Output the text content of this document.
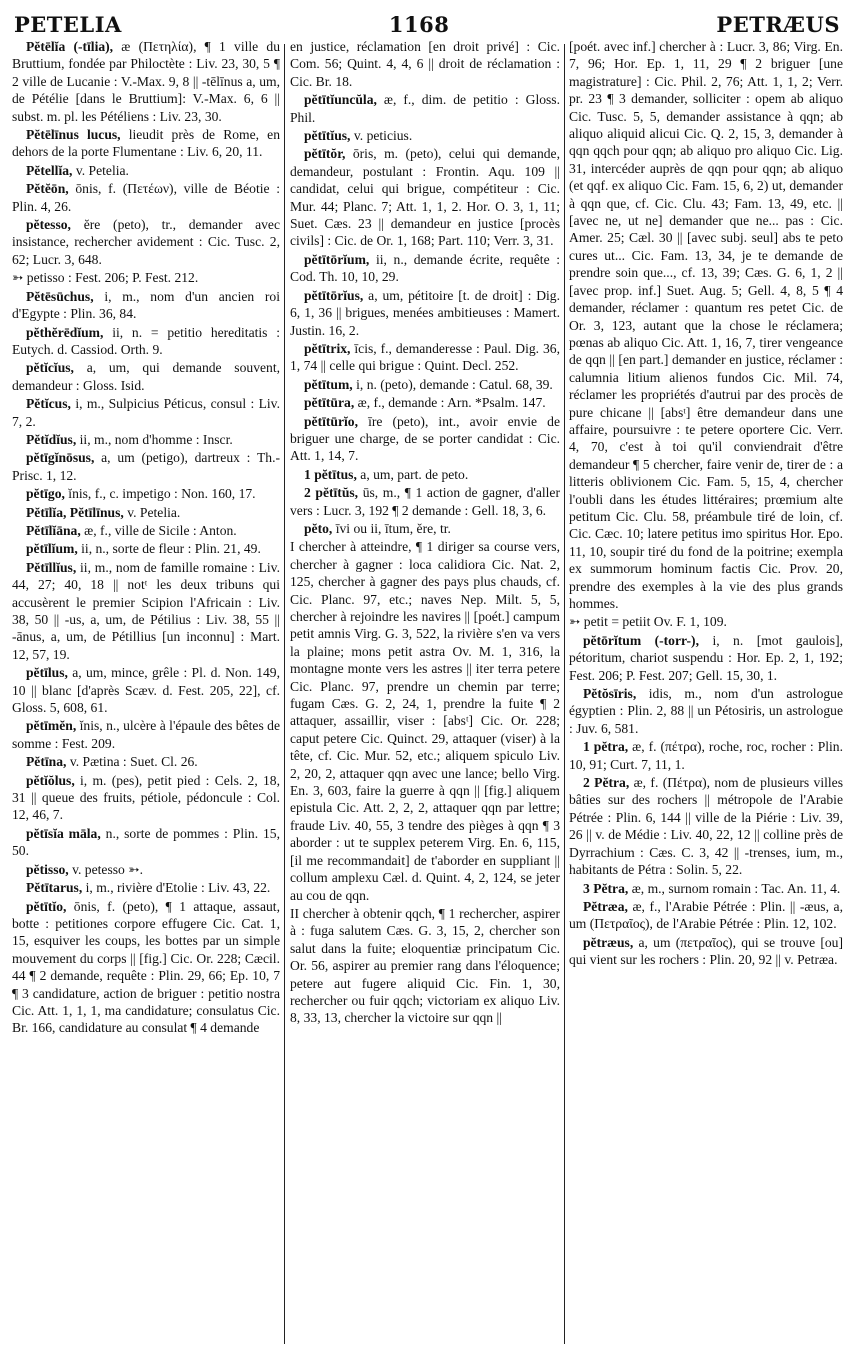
PETELIA	1168	PETRÆUS

Pĕtēlĭa (-tīlia), æ (Πετηλία), ¶ 1 ville du Bruttium, fondée par Philoctète : Liv. 23, 30, 5 ¶ 2 ville de Lucanie : V.-Max. 9, 8 || -tēlīnus a, um, de Pétélie [dans le Bruttium]: V.-Max. 6, 6 || subst. m. pl. les Pétéliens : Liv. 23, 30.

Pĕtēlīnus lucus, lieudit près de Rome, en dehors de la porte Flumentane : Liv. 6, 20, 11.

Pĕtellĭa, v. Petelia.

Pĕtĕōn, ōnis, f. (Πετέων), ville de Béotie : Plin. 4, 26.

pĕtesso, ĕre (peto), tr., demander avec insistance, rechercher avidement : Cic. Tusc. 2, 62; Lucr. 3, 648.

➳ petisso : Fest. 206; P. Fest. 212.

Pĕtēsūchus, i, m., nom d'un ancien roi d'Egypte : Plin. 36, 84.

pĕthĕrēdĭum, ii, n. = petitio hereditatis : Eutych. d. Cassiod. Orth. 9.

pĕtĭcĭus, a, um, qui demande souvent, demandeur : Gloss. Isid.

Pĕtĭcus, i, m., Sulpicius Péticus, consul : Liv. 7, 2.

Pĕtĭdĭus, ii, m., nom d'homme : Inscr.

pĕtīgĭnōsus, a, um (petigo), dartreux : Th.-Prisc. 1, 12.

pĕtīgo, ĭnis, f., c. impetigo : Non. 160, 17.

Pĕtīlĭa, Pĕtīlīnus, v. Petelia.

Pĕtīlĭāna, æ, f., ville de Sicile : Anton.

pĕtīlĭum, ii, n., sorte de fleur : Plin. 21, 49.

Pĕtīllĭus, ii, m., nom de famille romaine : Liv. 44, 27; 40, 18 || notᵗ les deux tribuns qui accusèrent le premier Scipion l'Africain : Liv. 38, 50 || -us, a, um, de Pétilius : Liv. 38, 55 || -ānus, a, um, de Pétillius [un inconnu] : Mart. 12, 57, 19.

pĕtīlus, a, um, mince, grêle : Pl. d. Non. 149, 10 || blanc [d'après Scæv. d. Fest. 205, 22], cf. Gloss. 5, 608, 61.

pĕtīmĕn, ĭnis, n., ulcère à l'épaule des bêtes de somme : Fest. 209.

Pĕtīna, v. Pætina : Suet. Cl. 26.

pĕtĭŏlus, i, m. (pes), petit pied : Cels. 2, 18, 31 || queue des fruits, pétiole, pédoncule : Col. 12, 46, 7.

pĕtīsĭa māla, n., sorte de pommes : Plin. 15, 50.

pĕtisso, v. petesso ➳.

Pĕtītarus, i, m., rivière d'Etolie : Liv. 43, 22.

pĕtītĭo, ōnis, f. (peto), ¶ 1 attaque, assaut, botte : petitiones corpore effugere Cic. Cat. 1, 15, esquiver les coups, les bottes par un simple mouvement du corps || [fig.] Cic. Or. 228; Cæcil. 44 ¶ 2 demande, requête : Plin. 29, 66; Ep. 10, 7 ¶ 3 candidature, action de briguer : petitio nostra Cic. Att. 1, 1, 1, ma candidature; consulatus Cic. Br. 166, candidature au consulat ¶ 4 demande

en justice, réclamation [en droit privé] : Cic. Com. 56; Quint. 4, 4, 6 || droit de réclamation : Cic. Br. 18.

pĕtītĭuncŭla, æ, f., dim. de petitio : Gloss. Phil.

pĕtītĭus, v. peticius.

pĕtītŏr, ōris, m. (peto), celui qui demande, demandeur, postulant : Frontin. Aqu. 109 || candidat, celui qui brigue, compétiteur : Cic. Mur. 44; Planc. 7; Att. 1, 1, 2. Hor. O. 3, 1, 11; Suet. Cæs. 23 || demandeur en justice [procès civils] : Cic. de Or. 1, 168; Part. 110; Verr. 3, 31.

pĕtītōrĭum, ii, n., demande écrite, requête : Cod. Th. 10, 10, 29.

pĕtītōrĭus, a, um, pétitoire [t. de droit] : Dig. 6, 1, 36 || brigues, menées ambitieuses : Mamert. Justin. 16, 2.

pĕtītrix, īcis, f., demanderesse : Paul. Dig. 36, 1, 74 || celle qui brigue : Quint. Decl. 252.

pĕtītum, i, n. (peto), demande : Catul. 68, 39.

pĕtītūra, æ, f., demande : Arn. *Psalm. 147.

pĕtītūrĭo, īre (peto), int., avoir envie de briguer une charge, de se porter candidat : Cic. Att. 1, 14, 7.

1 pĕtītus, a, um, part. de peto.

2 pĕtītŭs, ūs, m., ¶ 1 action de gagner, d'aller vers : Lucr. 3, 192 ¶ 2 demande : Gell. 18, 3, 6.

pĕto, īvi ou ii, ītum, ĕre, tr.

I chercher à atteindre, ¶ 1 diriger sa course vers, chercher à gagner : loca calidiora Cic. Nat. 2, 125, chercher à gagner des pays plus chauds, cf. Cic. Planc. 97, etc.; naves Nep. Milt. 5, 5, chercher à rejoindre les navires || [poét.] campum petit amnis Virg. G. 3, 522, la rivière s'en va vers la plaine; mons petit astra Ov. M. 1, 316, la montagne monte vers les astres || iter terra petere Cic. Planc. 97, prendre un chemin par terre; fugam Cæs. G. 2, 24, 1, prendre la fuite ¶ 2 attaquer, assaillir, viser : [absᵗ] Cic. Or. 228; caput petere Cic. Quinct. 29, attaquer (viser) à la tête, cf. Cic. Mur. 52, etc.; aliquem spiculo Liv. 2, 20, 2, attaquer qqn avec une lance; bello Virg. En. 3, 603, faire la guerre à qqn || [fig.] aliquem epistula Cic. Att. 2, 2, 2, attaquer qqn par lettre; fraude Liv. 40, 55, 3 tendre des pièges à qqn ¶ 3 aborder : ut te supplex peterem Virg. En. 6, 115, [il me recommandait] de t'aborder en suppliant || collum amplexu Cæl. d. Quint. 4, 2, 124, se jeter au cou de qqn.

II chercher à obtenir qqch, ¶ 1 rechercher, aspirer à : fuga salutem Cæs. G. 3, 15, 2, chercher son salut dans la fuite; eloquentiæ principatum Cic. Or. 56, aspirer au premier rang dans l'éloquence; petere aut fugere aliquid Cic. Fin. 1, 30, rechercher ou fuir qqch; victoriam ex aliquo Liv. 8, 33, 13, chercher la victoire sur qqn ||

[poét. avec inf.] chercher à : Lucr. 3, 86; Virg. En. 7, 96; Hor. Ep. 1, 11, 29 ¶ 2 briguer [une magistrature] : Cic. Phil. 2, 76; Att. 1, 1, 2; Verr. pr. 23 ¶ 3 demander, solliciter : opem ab aliquo Cic. Tusc. 5, 5, demander assistance à qqn; ab aliquo aliquid alicui Cic. Q. 2, 15, 3, demander à qqn qqch pour qqn; ab aliquo pro aliquo Cic. Lig. 31, intercéder auprès de qqn pour qqn; ab aliquo (et qqf. ex aliquo Cic. Fam. 15, 6, 2) ut, demander à qqn que, cf. Cic. Clu. 43; Fam. 13, 49, etc. || [avec ne, ut ne] demander que ne... pas : Cic. Amer. 25; Cæl. 30 || [avec subj. seul] abs te peto cures ut... Cic. Fam. 13, 34, je te demande de prendre soin que..., cf. 13, 39; Cæs. G. 6, 1, 2 || [avec prop. inf.] Suet. Aug. 5; Gell. 4, 8, 5 ¶ 4 demander, réclamer : quantum res petet Cic. de Or. 3, 123, autant que la chose le réclamera; pœnas ab aliquo Cic. Att. 1, 16, 7, tirer vengeance de qqn || [en part.] demander en justice, réclamer : calumnia litium alienos fundos Cic. Mil. 74, réclamer les propriétés d'autrui par des procès de pure chicane || [absᵗ] être demandeur dans une affaire, poursuivre : te petere oportere Cic. Verr. 4, 70, c'est à toi qu'il conviendrait d'être demandeur ¶ 5 chercher, faire venir de, tirer de : a litteris oblivionem Cic. Fam. 5, 15, 4, chercher l'oubli dans les études littéraires; prœmium alte petitum Cic. Clu. 58, préambule tiré de loin, cf. Cic. Cæc. 10; latere petitus imo spiritus Hor. Epo. 11, 10, soupir tiré du fond de la poitrine; exempla ex summorum hominum factis Cic. Prov. 20, prendre des exemples à la vie des plus grands hommes.

➳ petit = petiit Ov. F. 1, 109.

pĕtōrĭtum (-torr-), i, n. [mot gaulois], pétoritum, chariot suspendu : Hor. Ep. 2, 1, 192; Fest. 206; P. Fest. 207; Gell. 15, 30, 1.

Pĕtŏsīris, idis, m., nom d'un astrologue égyptien : Plin. 2, 88 || un Pétosiris, un astrologue : Juv. 6, 581.

1 pĕtra, æ, f. (πέτρα), roche, roc, rocher : Plin. 10, 91; Curt. 7, 11, 1.

2 Pĕtra, æ, f. (Πέτρα), nom de plusieurs villes bâties sur des rochers || métropole de l'Arabie Pétrée : Plin. 6, 144 || ville de la Piérie : Liv. 39, 26 || v. de Médie : Liv. 40, 22, 12 || colline près de Dyrrachium : Cæs. C. 3, 42 || -trenses, ium, m., habitants de Pétra : Solin. 5, 22.

3 Pĕtra, æ, m., surnom romain : Tac. An. 11, 4.

Pĕtræa, æ, f., l'Arabie Pétrée : Plin. || -æus, a, um (Πετραῖος), de l'Arabie Pétrée : Plin. 12, 102.

pĕtræus, a, um (πετραῖος), qui se trouve [ou] qui vient sur les rochers : Plin. 20, 92 || v. Petræa.
